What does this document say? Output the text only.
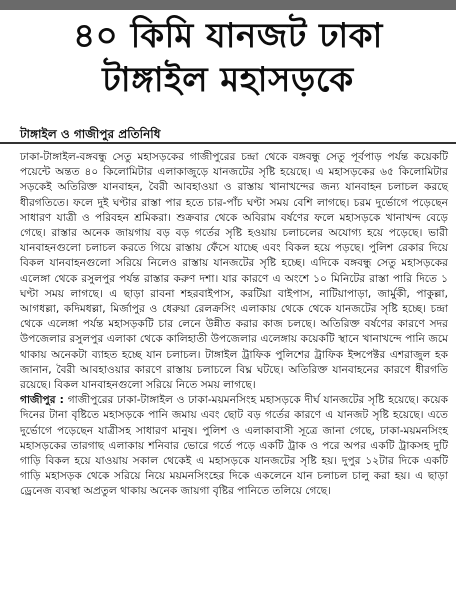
৪০ কিমি যানজট ঢাকা
টাঙ্গাইল মহাসড়কে
টাঙ্গাইল ও গাজীপুর প্রতিনিধি

ঢাকা-টাঙ্গাইল-বঙ্গবন্ধু সেতু মহাসড়কের গাজীপুরের চন্দ্রা থেকে বঙ্গবন্ধু সেতু পূর্বপাড় পর্যন্ত কয়েকটি পয়েন্টে অন্তত ৪০ কিলোমিটার এলাকাজুড়ে যানজটের সৃষ্টি হয়েছে। এ মহাসড়কের ৬৫ কিলোমিটার সড়কেই অতিরিক্ত যানবাহন, বৈরী আবহাওয়া ও রাস্তায় খানাখন্দের জন্য যানবাহন চলাচল করছে ধীরগতিতে। ফলে দুই ঘণ্টার রাস্তা পার হতে চার-পাঁচ ঘণ্টা সময় বেশি লাগছে। চরম দুর্ভোগে পড়েছেন সাধারণ যাত্রী ও পরিবহন শ্রমিকরা। শুক্রবার থেকে অবিরাম বর্ষণের ফলে মহাসড়কে খানাখন্দ বেড়ে গেছে। রাস্তার অনেক জায়গায় বড় বড় গর্তের সৃষ্টি হওয়ায় চলাচলের অযোগ্য হয়ে পড়েছে। ভারী যানবাহনগুলো চলাচল করতে গিয়ে রাস্তায় ফেঁসে যাচ্ছে এবং বিকল হয়ে পড়ছে। পুলিশ রেকার দিয়ে বিকল যানবাহনগুলো সরিয়ে নিলেও রাস্তায় যানজটের সৃষ্টি হচ্ছে। এদিকে বঙ্গবন্ধু সেতু মহাসড়কের এলেঙ্গা থেকে রসুলপুর পর্যন্ত রাস্তার করুণ দশা। যার কারণে এ অংশে ১০ মিনিটের রাস্তা পারি দিতে ১ ঘণ্টা সময় লাগছে। এ ছাড়া রাবনা শহরবাইপাস, করটিয়া বাইপাস, নাটিয়াপাড়া, জার্মুকী, পাকুল্লা, আগধল্লা, কদিমধল্লা, মির্জাপুর ও ধেরুয়া রেলক্রসিং এলাকায় থেকে থেকে যানজটের সৃষ্টি হচ্ছে। চন্দ্রা থেকে এলেঙ্গা পর্যন্ত মহাসড়কটি চার লেনে উন্নীত করার কাজ চলছে। অতিরিক্ত বর্ষণের কারণে সদর উপজেলার রসুলপুর এলাকা থেকে কালিহাতী উপজেলার এলেঙ্গায় কয়েকটি স্থানে খানাখন্দে পানি জমে থাকায় অনেকটা ব্যাহত হচ্ছে যান চলাচল। টাঙ্গাইল ট্রাফিক পুলিশের ট্রাফিক ইন্সপেক্টর এশরাজুল হক জানান, বৈরী আবহাওয়ার কারণে রাস্তায় চলাচলে বিঘ্ন ঘটছে। অতিরিক্ত যানবাহনের কারণে ধীরগতি রয়েছে। বিকল যানবাহনগুলো সরিয়ে নিতে সময় লাগছে।

গাজীপুর : গাজীপুরের ঢাকা-টাঙ্গাইল ও ঢাকা-ময়মনসিংহ মহাসড়কে দীর্ঘ যানজটের সৃষ্টি হয়েছে। কয়েক দিনের টানা বৃষ্টিতে মহাসড়কে পানি জমায় এবং ছোট বড় গর্তের কারণে এ যানজট সৃষ্টি হয়েছে। এতে দুর্ভোগে পড়েছেন যাত্রীসহ সাধারণ মানুষ। পুলিশ ও এলাকাবাসী সূত্রে জানা গেছে, ঢাকা-ময়মনসিংহ মহাসড়কের তারগাছ এলাকায় শনিবার ভোরে গর্তে পড়ে একটি ট্রাক ও পরে অপর একটি ট্রাকসহ দুটি গাড়ি বিকল হয়ে যাওয়ায় সকাল থেকেই এ মহাসড়কে যানজটের সৃষ্টি হয়। দুপুর ১২টার দিকে একটি গাড়ি মহাসড়ক থেকে সরিয়ে নিয়ে ময়মনসিংহের দিকে একলেনে যান চলাচল চালু করা হয়। এ ছাড়া ড্রেনেজ ব্যবস্থা অপ্রতুল থাকায় অনেক জায়গা বৃষ্টির পানিতে তলিয়ে গেছে।
